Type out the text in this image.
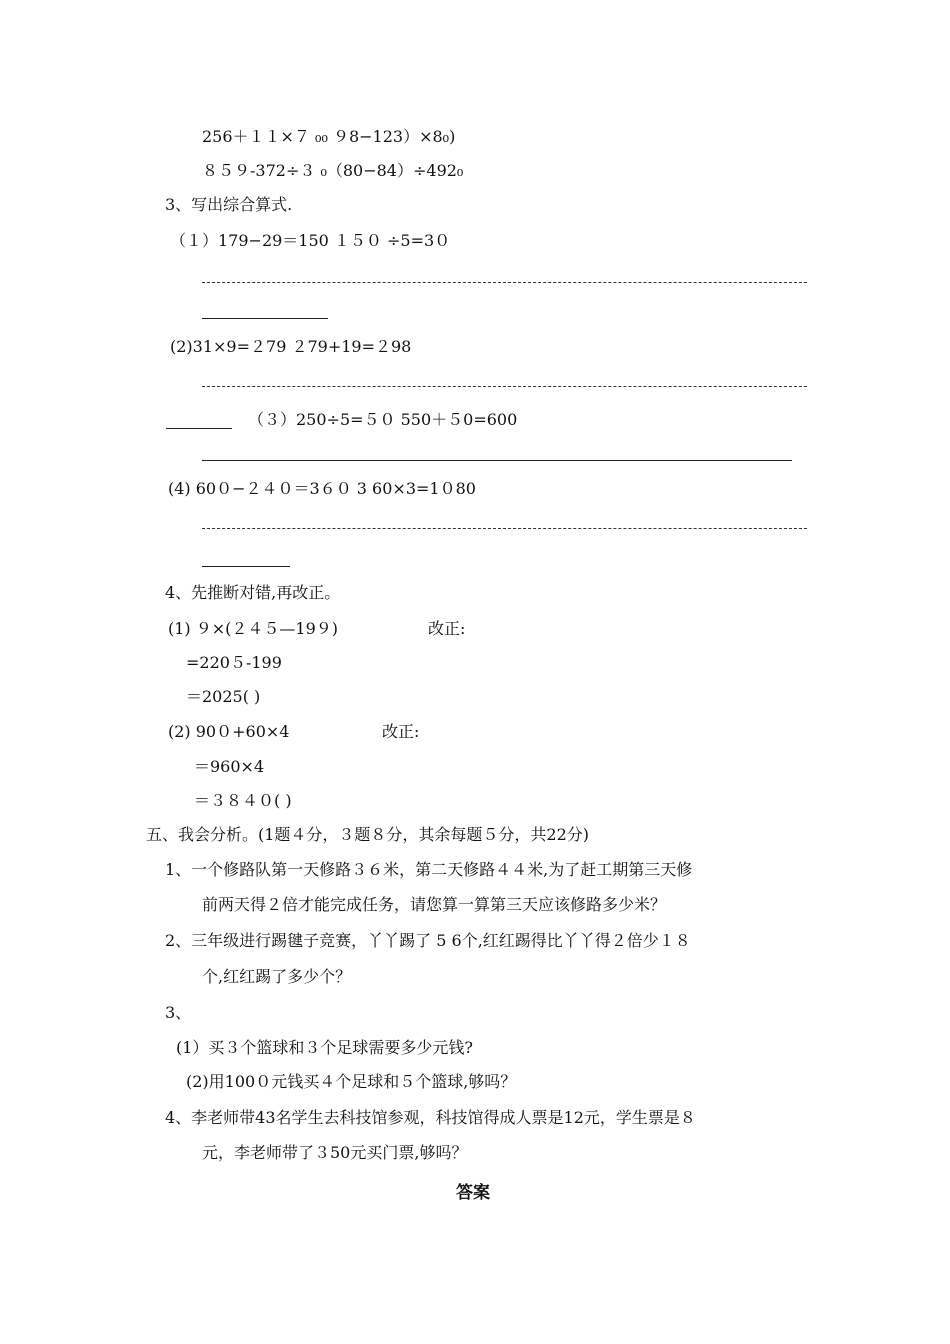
256＋１１×７ ₀₀ ９8−123）×8₀)
８５９-372÷３ ₀（80−84）÷492₀
3、写出综合算式.
（１）179−29＝150 １５０ ÷5=3０
(2)31×9=２79 ２79+19=２98
（３）250÷5=５０ 550＋５0=600
(4) 60０−２４０＝3６０ 3 60×3=1０80
4、先推断对错,再改正。
(1) ９×(２４５—19９)	改正:
=220５-199
＝2025( )
(2) 90０+60×4	改正:
＝960×4
＝３８４０( )
五、我会分析。(1题４分，３题８分，其余每题５分，共22分)
1、一个修路队第一天修路３６米，第二天修路４４米,为了赶工期第三天修
前两天得２倍才能完成任务，请您算一算第三天应该修路多少米？
2、三年级进行踢毽子竞赛，丫丫踢了 5 6个,红红踢得比丫丫得２倍少１８
个,红红踢了多少个？
3、
(1）买３个篮球和３个足球需要多少元钱?
(2)用100０元钱买４个足球和５个篮球,够吗？
4、李老师带43名学生去科技馆参观，科技馆得成人票是12元，学生票是８
元，李老师带了３50元买门票,够吗？
答案
